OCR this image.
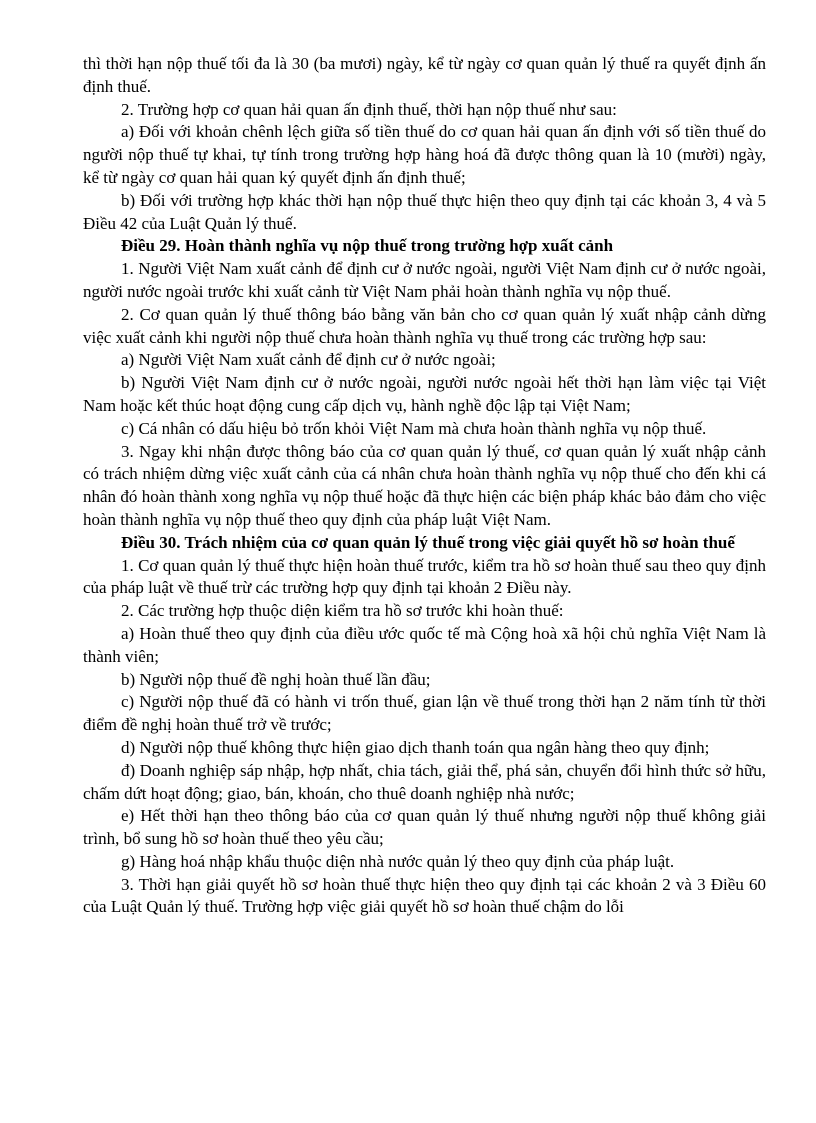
thì thời hạn nộp thuế tối đa là 30 (ba mươi) ngày, kể từ ngày cơ quan quản lý thuế ra quyết định ấn định thuế.

2. Trường hợp cơ quan hải quan ấn định thuế, thời hạn nộp thuế như sau:

a) Đối với khoản chênh lệch giữa số tiền thuế do cơ quan hải quan ấn định với số tiền thuế do người nộp thuế tự khai, tự tính trong trường hợp hàng hoá đã được thông quan là 10 (mười) ngày, kể từ ngày cơ quan hải quan ký quyết định ấn định thuế;

b) Đối với trường hợp khác thời hạn nộp thuế thực hiện theo quy định tại các khoản 3, 4 và 5 Điều 42 của Luật Quản lý thuế.

Điều 29. Hoàn thành nghĩa vụ nộp thuế trong trường hợp xuất cảnh

1. Người Việt Nam xuất cảnh để định cư ở nước ngoài, người Việt Nam định cư ở nước ngoài, người nước ngoài trước khi xuất cảnh từ Việt Nam phải hoàn thành nghĩa vụ nộp thuế.

2. Cơ quan quản lý thuế thông báo bằng văn bản cho cơ quan quản lý xuất nhập cảnh dừng việc xuất cảnh khi người nộp thuế chưa hoàn thành nghĩa vụ thuế trong các trường hợp sau:

a) Người Việt Nam xuất cảnh để định cư ở nước ngoài;

b) Người Việt Nam định cư ở nước ngoài, người nước ngoài hết thời hạn làm việc tại Việt Nam hoặc kết thúc hoạt động cung cấp dịch vụ, hành nghề độc lập tại Việt Nam;

c) Cá nhân có dấu hiệu bỏ trốn khỏi Việt Nam mà chưa hoàn thành nghĩa vụ nộp thuế.

3. Ngay khi nhận được thông báo của cơ quan quản lý thuế, cơ quan quản lý xuất nhập cảnh có trách nhiệm dừng việc xuất cảnh của cá nhân chưa hoàn thành nghĩa vụ nộp thuế cho đến khi cá nhân đó hoàn thành xong nghĩa vụ nộp thuế hoặc đã thực hiện các biện pháp khác bảo đảm cho việc hoàn thành nghĩa vụ nộp thuế theo quy định của pháp luật Việt Nam.

Điều 30. Trách nhiệm của cơ quan quản lý thuế trong việc giải quyết hồ sơ hoàn thuế

1. Cơ quan quản lý thuế thực hiện hoàn thuế trước, kiểm tra hồ sơ hoàn thuế sau theo quy định của pháp luật về thuế trừ các trường hợp quy định tại khoản 2 Điều này.

2. Các trường hợp thuộc diện kiểm tra hồ sơ trước khi hoàn thuế:

a) Hoàn thuế theo quy định của điều ước quốc tế mà Cộng hoà xã hội chủ nghĩa Việt Nam là thành viên;

b) Người nộp thuế đề nghị hoàn thuế lần đầu;

c) Người nộp thuế đã có hành vi trốn thuế, gian lận về thuế trong thời hạn 2 năm tính từ thời điểm đề nghị hoàn thuế trở về trước;

d) Người nộp thuế không thực hiện giao dịch thanh toán qua ngân hàng theo quy định;

đ) Doanh nghiệp sáp nhập, hợp nhất, chia tách, giải thể, phá sản, chuyển đổi hình thức sở hữu, chấm dứt hoạt động; giao, bán, khoán, cho thuê doanh nghiệp nhà nước;

e) Hết thời hạn theo thông báo của cơ quan quản lý thuế nhưng người nộp thuế không giải trình, bổ sung hồ sơ hoàn thuế theo yêu cầu;

g) Hàng hoá nhập khẩu thuộc diện nhà nước quản lý theo quy định của pháp luật.

3. Thời hạn giải quyết hồ sơ hoàn thuế thực hiện theo quy định tại các khoản 2 và 3 Điều 60 của Luật Quản lý thuế. Trường hợp việc giải quyết hồ sơ hoàn thuế chậm do lỗi
